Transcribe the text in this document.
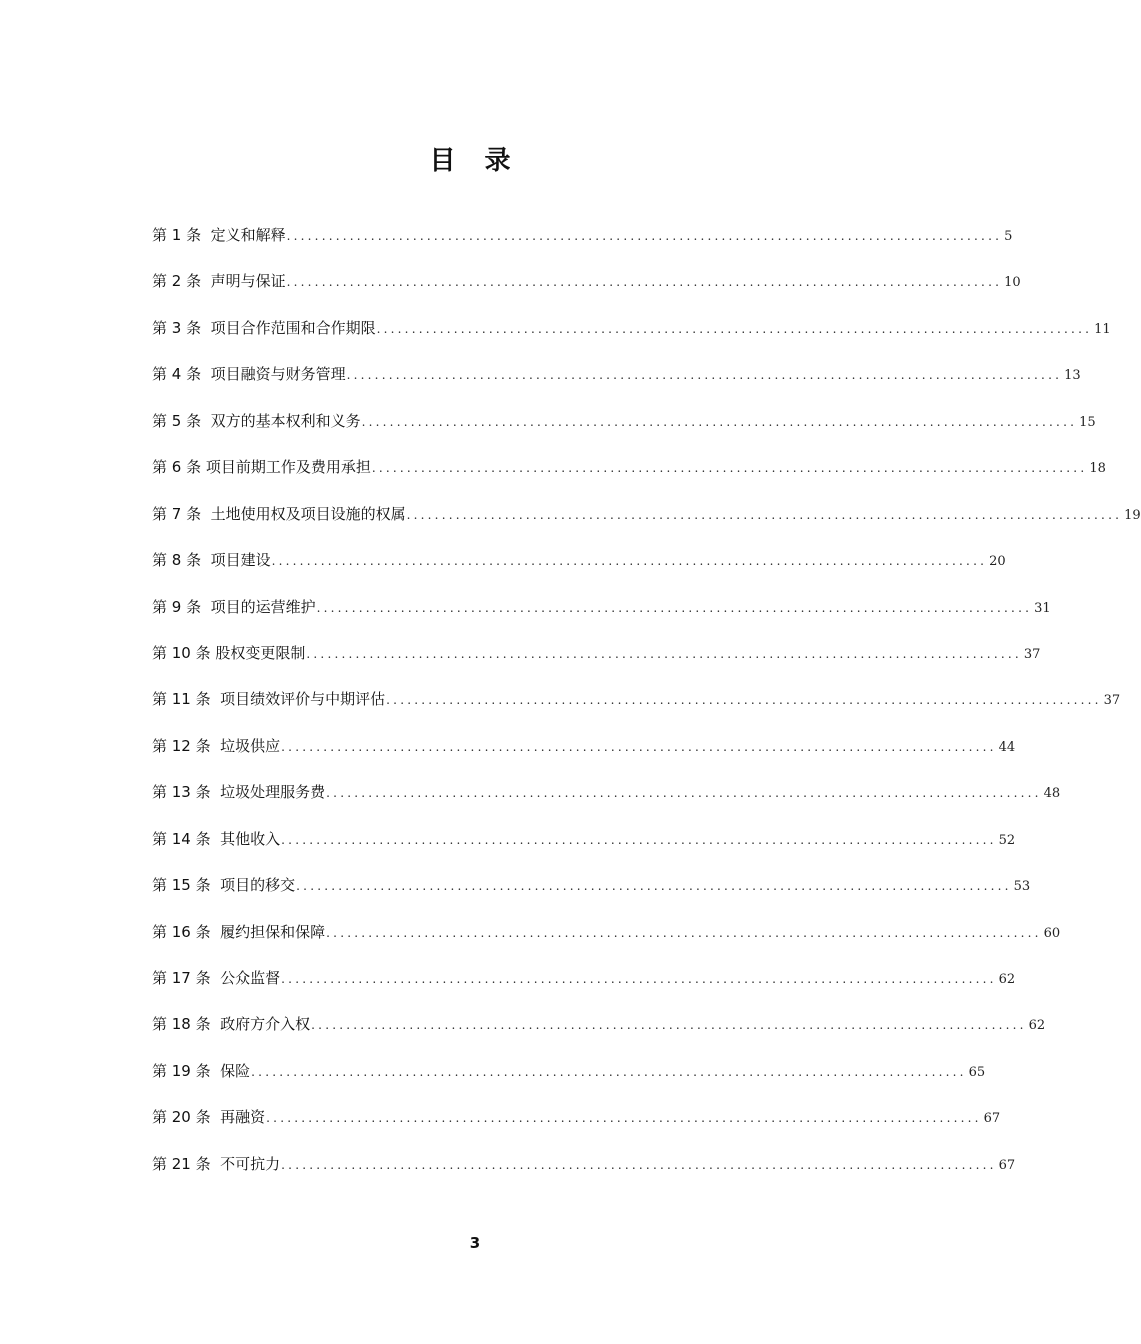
目 录
第 1 条  定义和解释 ...................................................................................................... 5
第 2 条  声明与保证 ...................................................................................................... 10
第 3 条  项目合作范围和合作期限 ...................................................................................................... 11
第 4 条  项目融资与财务管理 ...................................................................................................... 13
第 5 条  双方的基本权利和义务 ...................................................................................................... 15
第 6 条 项目前期工作及费用承担 ...................................................................................................... 18
第 7 条  土地使用权及项目设施的权属 ...................................................................................................... 19
第 8 条  项目建设 ...................................................................................................... 20
第 9 条  项目的运营维护 ...................................................................................................... 31
第 10 条 股权变更限制 ...................................................................................................... 37
第 11 条  项目绩效评价与中期评估 ...................................................................................................... 37
第 12 条  垃圾供应 ...................................................................................................... 44
第 13 条  垃圾处理服务费 ...................................................................................................... 48
第 14 条  其他收入 ...................................................................................................... 52
第 15 条  项目的移交 ...................................................................................................... 53
第 16 条  履约担保和保障 ...................................................................................................... 60
第 17 条  公众监督 ...................................................................................................... 62
第 18 条  政府方介入权 ...................................................................................................... 62
第 19 条  保险 ...................................................................................................... 65
第 20 条  再融资 ...................................................................................................... 67
第 21 条  不可抗力 ...................................................................................................... 67
3
